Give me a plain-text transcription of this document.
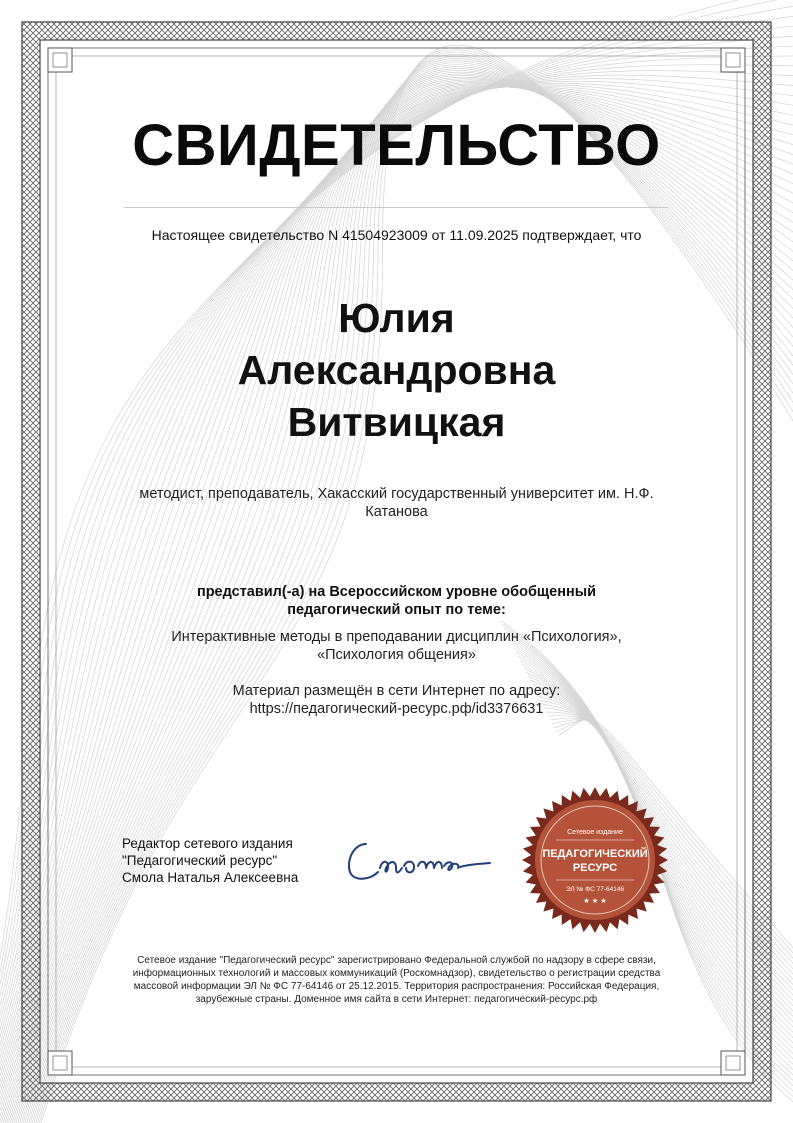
СВИДЕТЕЛЬСТВО
Настоящее свидетельство N 41504923009 от 11.09.2025 подтверждает, что
Юлия
Александровна
Витвицкая
методист, преподаватель, Хакасский государственный университет им. Н.Ф. Катанова
представил(-а) на Всероссийском уровне обобщенный педагогический опыт по теме:
Интерактивные методы в преподавании дисциплин «Психология», «Психология общения»
Материал размещён в сети Интернет по адресу:
https://педагогический-ресурс.рф/id3376631
Редактор сетевого издания
"Педагогический ресурс"
Смола Наталья Алексеевна
Сетевое издание
ПЕДАГОГИЧЕСКИЙ
РЕСУРС
ЭЛ № ФС 77-64146
★ ★ ★
Сетевое издание "Педагогический ресурс" зарегистрировано Федеральной службой по надзору в сфере связи, информационных технологий и массовых коммуникаций (Роскомнадзор), свидетельство о регистрации средства массовой информации ЭЛ № ФС 77-64146 от 25.12.2015. Территория распространения: Российская Федерация, зарубежные страны. Доменное имя сайта в сети Интернет: педагогический-ресурс.рф
